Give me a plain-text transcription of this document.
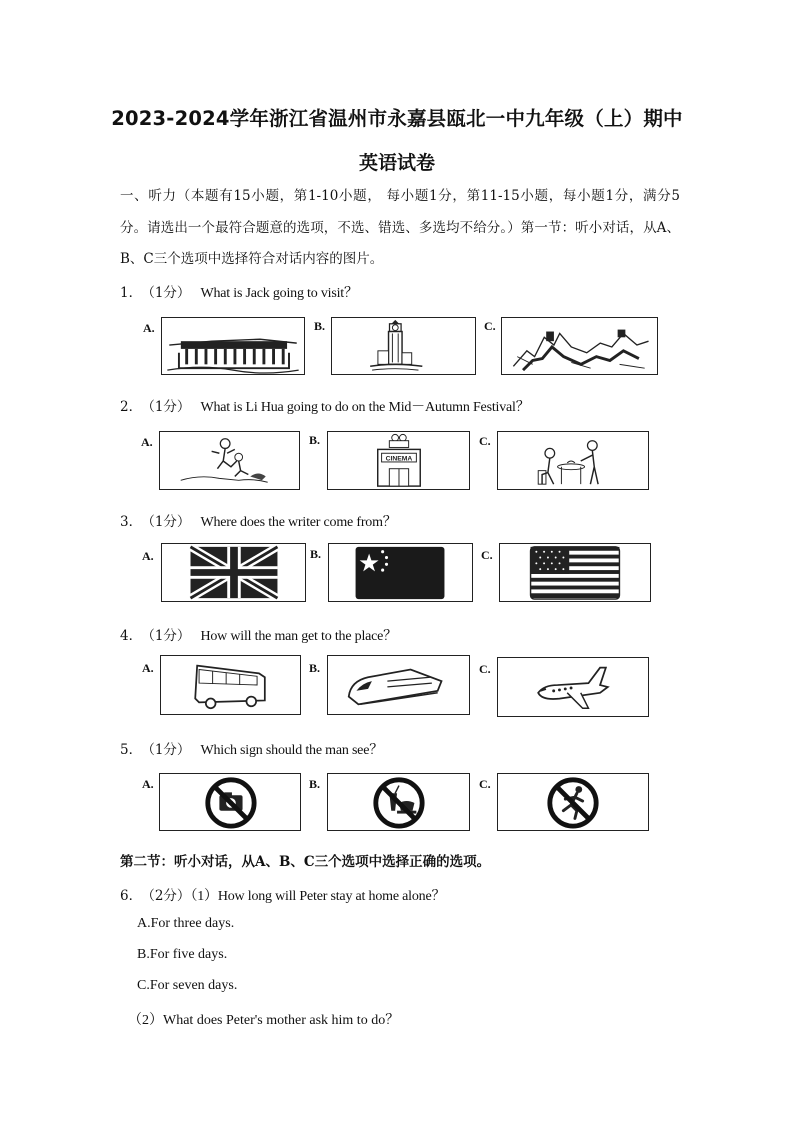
2023-2024学年浙江省温州市永嘉县瓯北一中九年级（上）期中
英语试卷
一、听力（本题有15小题，第1-10小题， 每小题1分，第11-15小题，每小题1分，满分5分。请选出一个最符合题意的选项，不选、错选、多选均不给分。）第一节：听小对话，从A、B、C三个选项中选择符合对话内容的图片。
1． （1分） What is Jack going to visit？
A.	B.	C.
2． （1分） What is Li Hua going to do on the Mid－Autumn Festival？
A.	B.
CINEMA
C.
3． （1分） Where does the writer come from？
A.	B.	C.
4． （1分） How will the man get to the place？
A.	B.	C.
5． （1分） Which sign should the man see？
A.	B.	C.
第二节：听小对话，从A、B、C三个选项中选择正确的选项。
6． （2分）（1）How long will Peter stay at home alone？
A.For three days.
B.For five days.
C.For seven days.
（2）What does Peter's mother ask him to do？
